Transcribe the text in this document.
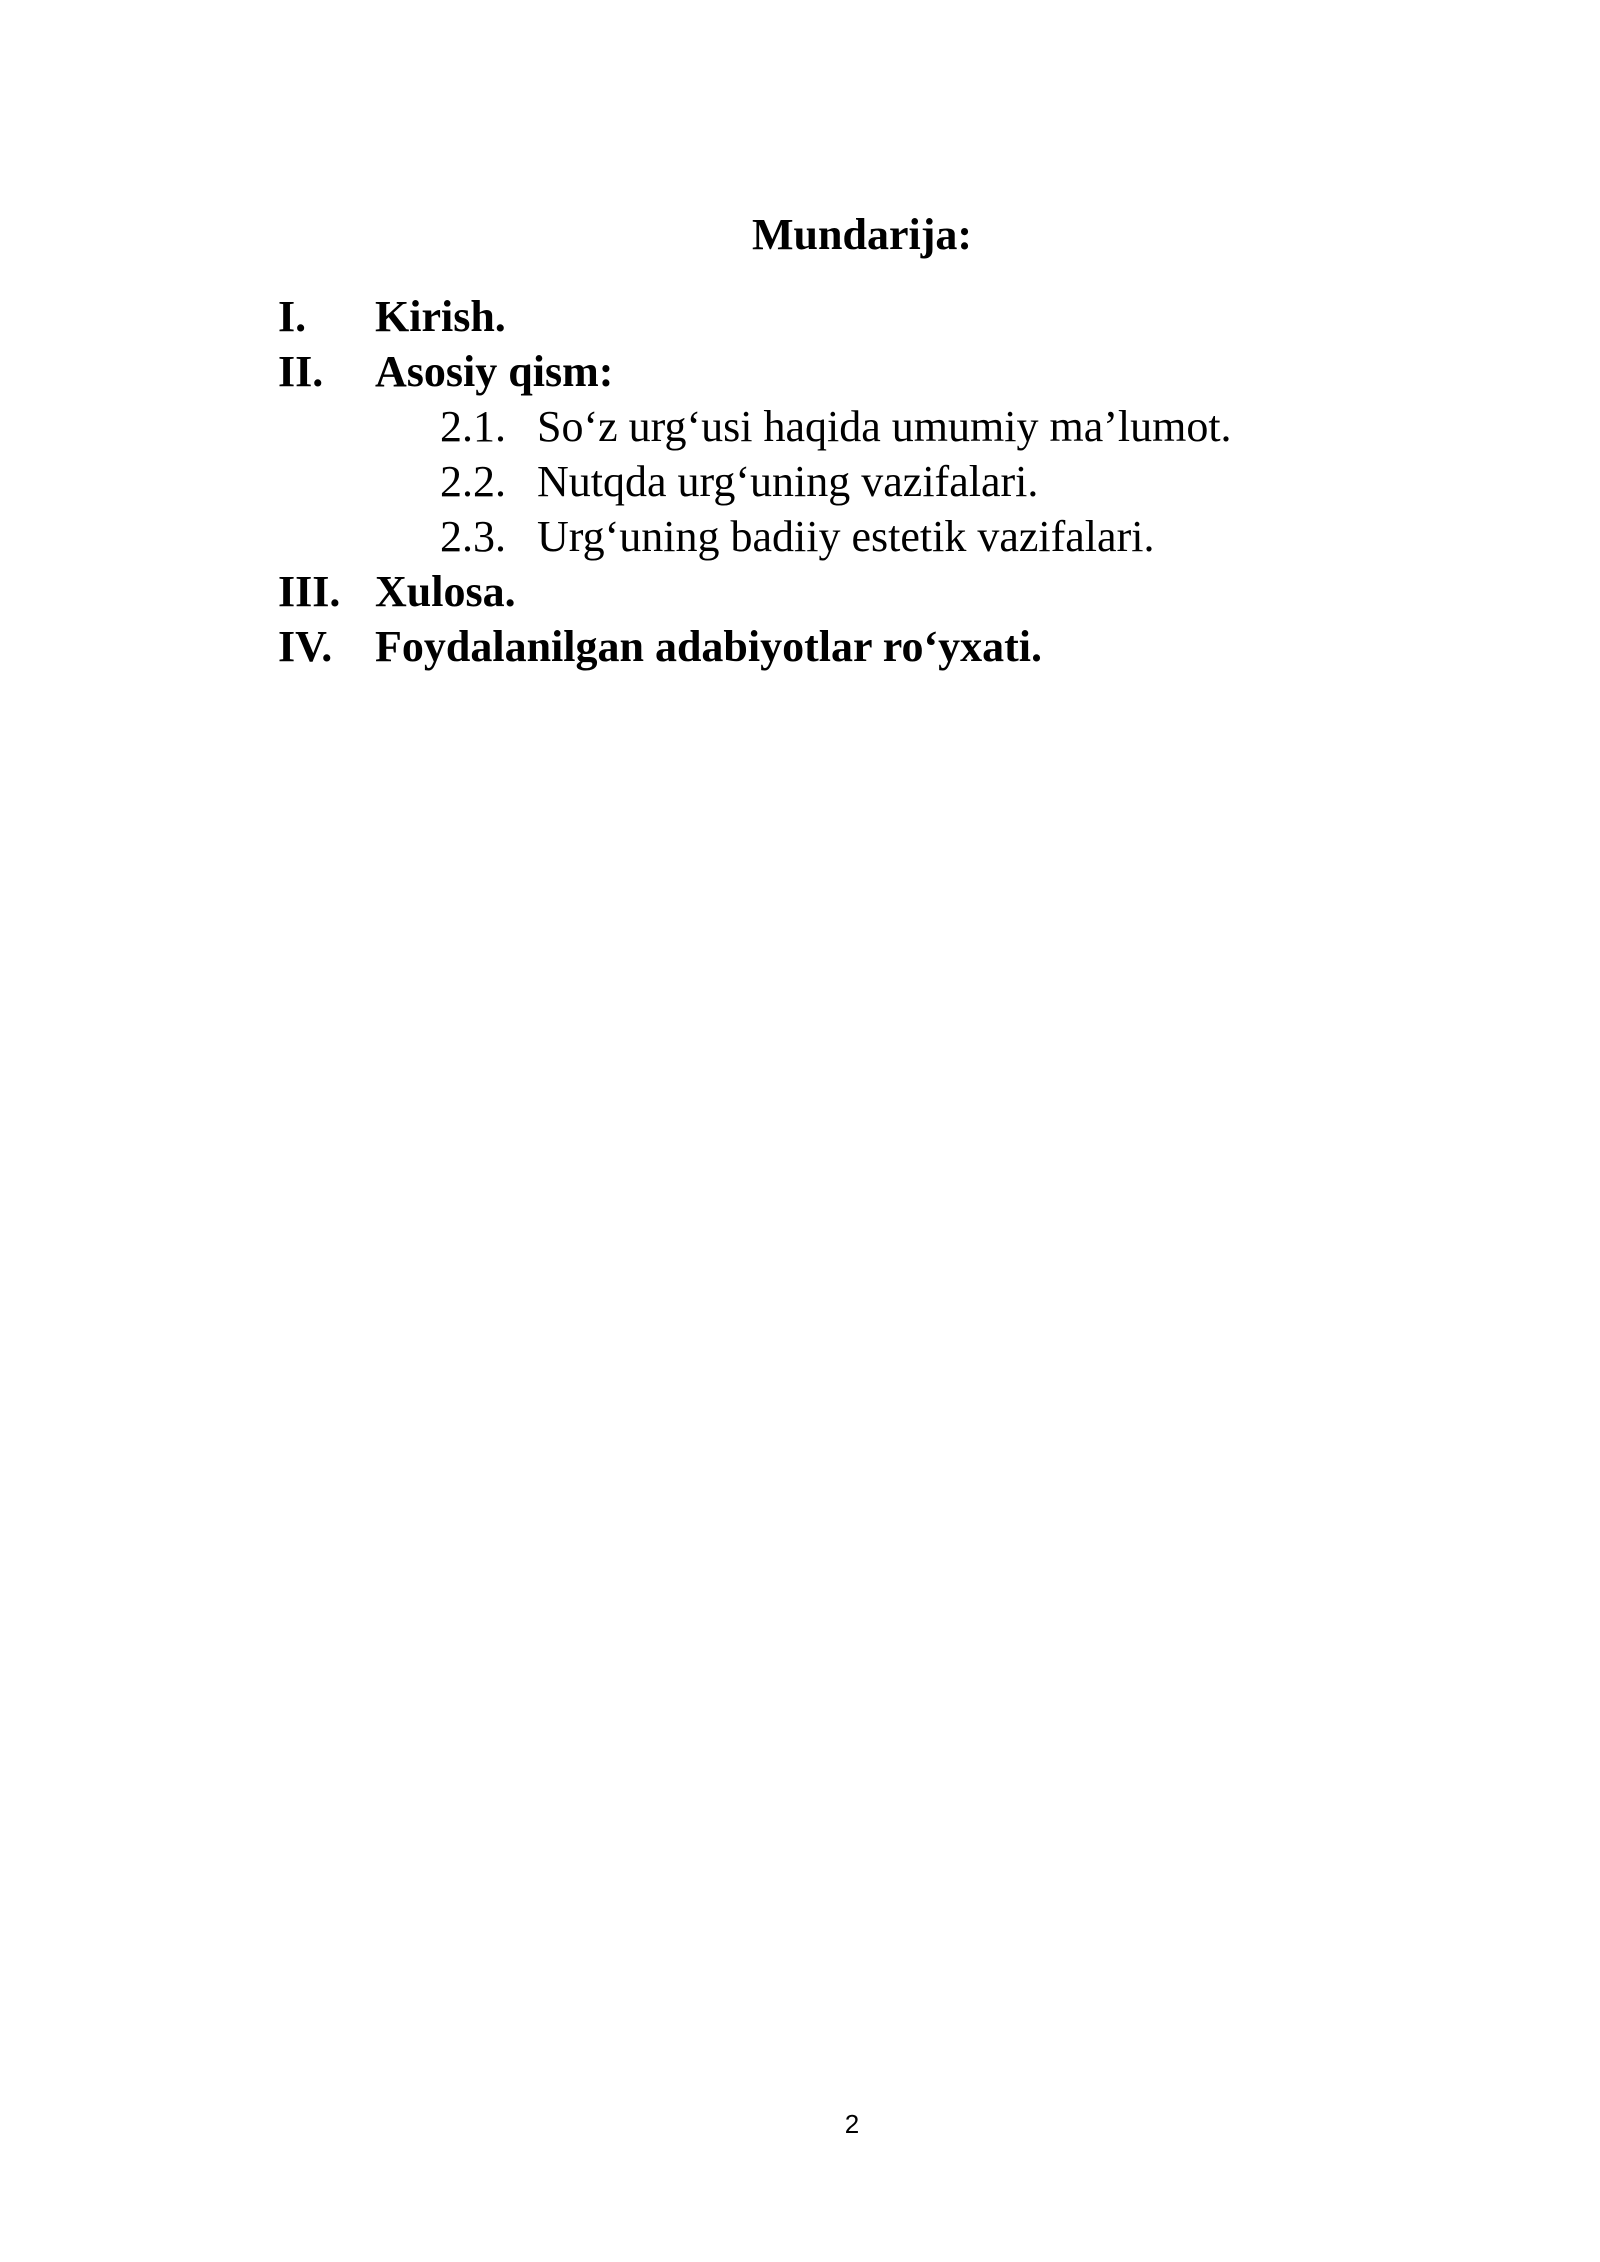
Mundarija:
I. Kirish.
II. Asosiy qism:
2.1. So‘z urg‘usi haqida umumiy ma’lumot.
2.2. Nutqda urg‘uning vazifalari.
2.3. Urg‘uning badiiy estetik vazifalari.
III. Xulosa.
IV. Foydalanilgan adabiyotlar ro‘yxati.
2
